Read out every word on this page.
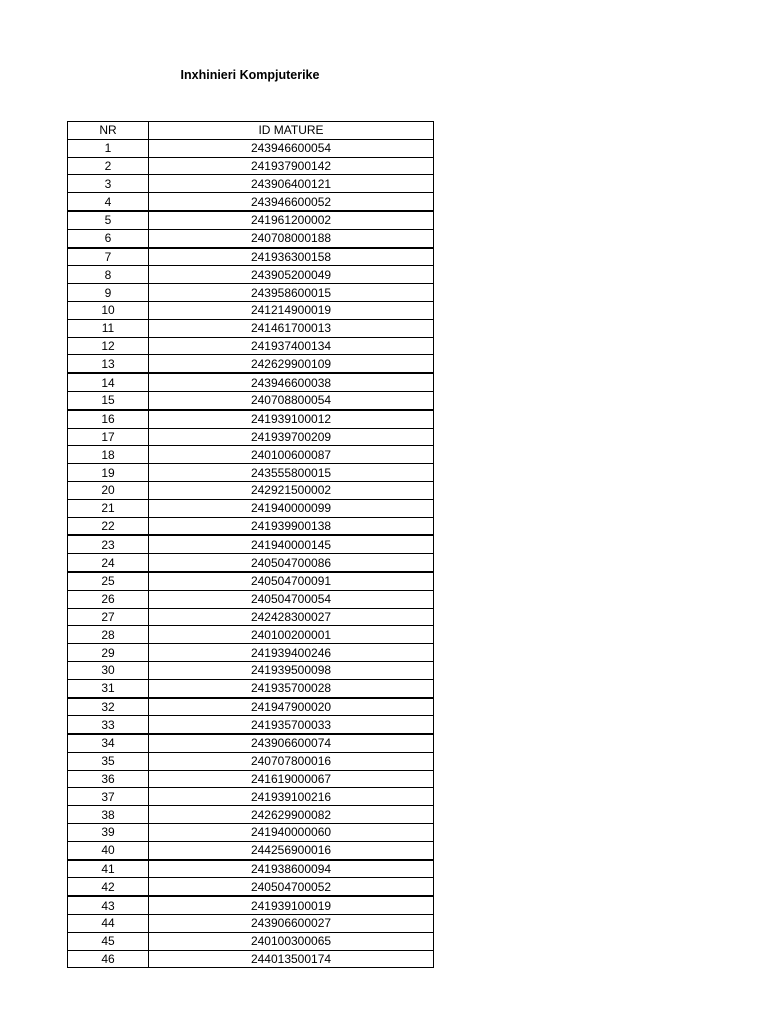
Inxhinieri Kompjuterike
NR	ID MATURE
1	243946600054
2	241937900142
3	243906400121
4	243946600052
5	241961200002
6	240708000188
7	241936300158
8	243905200049
9	243958600015
10	241214900019
11	241461700013
12	241937400134
13	242629900109
14	243946600038
15	240708800054
16	241939100012
17	241939700209
18	240100600087
19	243555800015
20	242921500002
21	241940000099
22	241939900138
23	241940000145
24	240504700086
25	240504700091
26	240504700054
27	242428300027
28	240100200001
29	241939400246
30	241939500098
31	241935700028
32	241947900020
33	241935700033
34	243906600074
35	240707800016
36	241619000067
37	241939100216
38	242629900082
39	241940000060
40	244256900016
41	241938600094
42	240504700052
43	241939100019
44	243906600027
45	240100300065
46	244013500174
